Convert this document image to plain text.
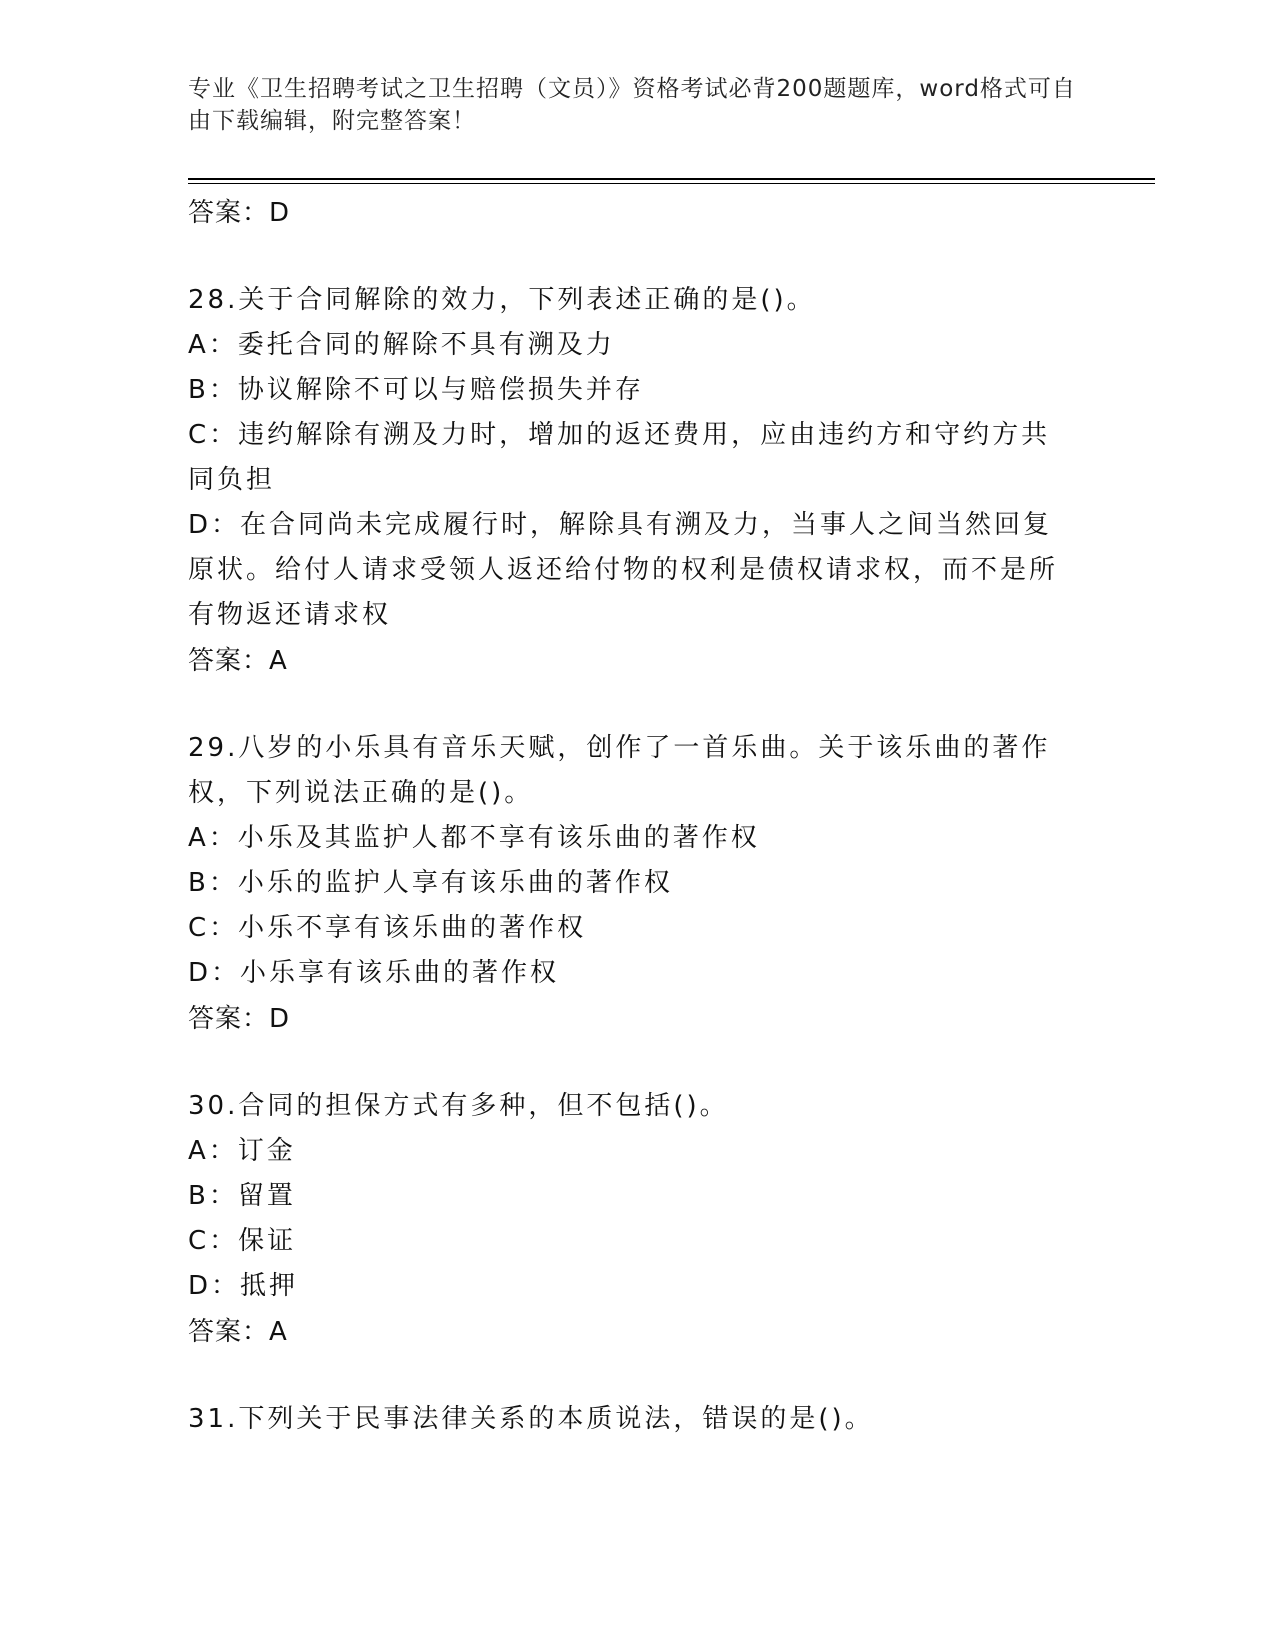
专业《卫生招聘考试之卫生招聘（文员）》资格考试必背200题题库，word格式可自由下载编辑，附完整答案！

答案：D

28.关于合同解除的效力，下列表述正确的是()。

A：委托合同的解除不具有溯及力

B：协议解除不可以与赔偿损失并存

C：违约解除有溯及力时，增加的返还费用，应由违约方和守约方共同负担

D：在合同尚未完成履行时，解除具有溯及力，当事人之间当然回复原状。给付人请求受领人返还给付物的权利是债权请求权，而不是所有物返还请求权

答案：A

29.八岁的小乐具有音乐天赋，创作了一首乐曲。关于该乐曲的著作权，下列说法正确的是()。

A：小乐及其监护人都不享有该乐曲的著作权

B：小乐的监护人享有该乐曲的著作权

C：小乐不享有该乐曲的著作权

D：小乐享有该乐曲的著作权

答案：D

30.合同的担保方式有多种，但不包括()。

A：订金

B：留置

C：保证

D：抵押

答案：A

31.下列关于民事法律关系的本质说法，错误的是()。
